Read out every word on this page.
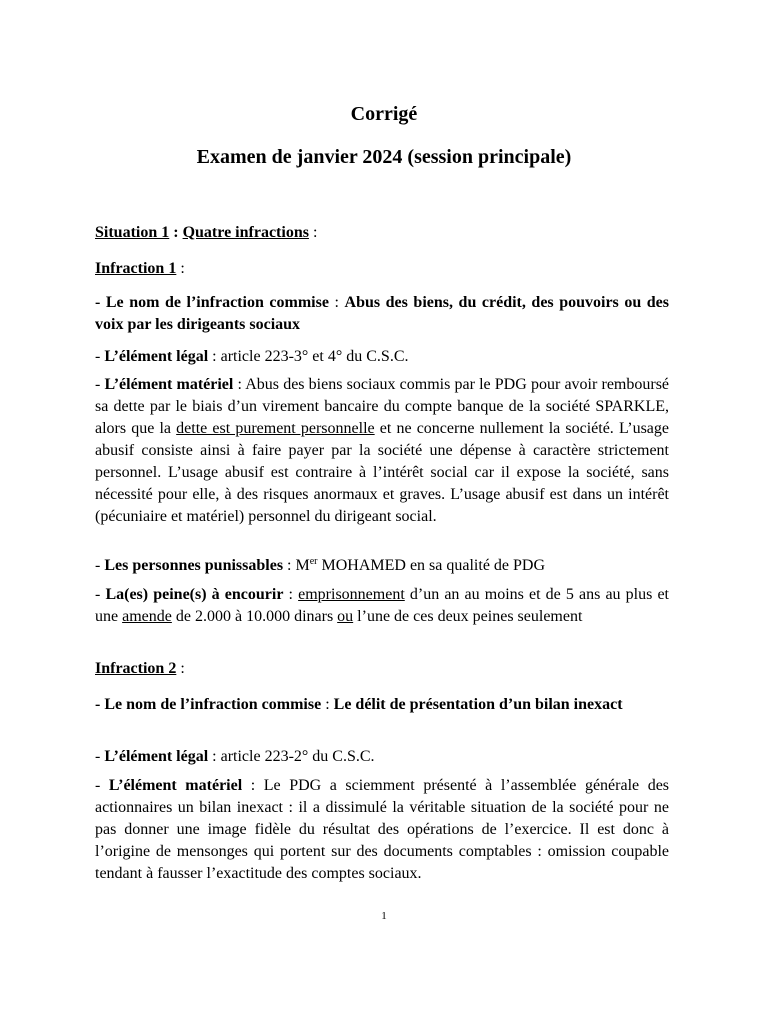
Corrigé
Examen de janvier 2024 (session principale)

Situation 1 : Quatre infractions :

Infraction 1 :

- Le nom de l’infraction commise : Abus des biens, du crédit, des pouvoirs ou des voix par les dirigeants sociaux

- L’élément légal : article 223-3° et 4° du C.S.C.

- L’élément matériel : Abus des biens sociaux commis par le PDG pour avoir remboursé sa dette par le biais d’un virement bancaire du compte banque de la société SPARKLE, alors que la dette est purement personnelle et ne concerne nullement la société. L’usage abusif consiste ainsi à faire payer par la société une dépense à caractère strictement personnel. L’usage abusif est contraire à l’intérêt social car il expose la société, sans nécessité pour elle, à des risques anormaux et graves. L’usage abusif est dans un intérêt (pécuniaire et matériel) personnel du dirigeant social.

- Les personnes punissables : Mer MOHAMED en sa qualité de PDG

- La(es) peine(s) à encourir : emprisonnement d’un an au moins et de 5 ans au plus et une amende de 2.000 à 10.000 dinars ou l’une de ces deux peines seulement

Infraction 2 :

- Le nom de l’infraction commise : Le délit de présentation d’un bilan inexact

- L’élément légal : article 223-2° du C.S.C.

- L’élément matériel : Le PDG a sciemment présenté à l’assemblée générale des actionnaires un bilan inexact : il a dissimulé la véritable situation de la société pour ne pas donner une image fidèle du résultat des opérations de l’exercice. Il est donc à l’origine de mensonges qui portent sur des documents comptables : omission coupable tendant à fausser l’exactitude des comptes sociaux.

1
